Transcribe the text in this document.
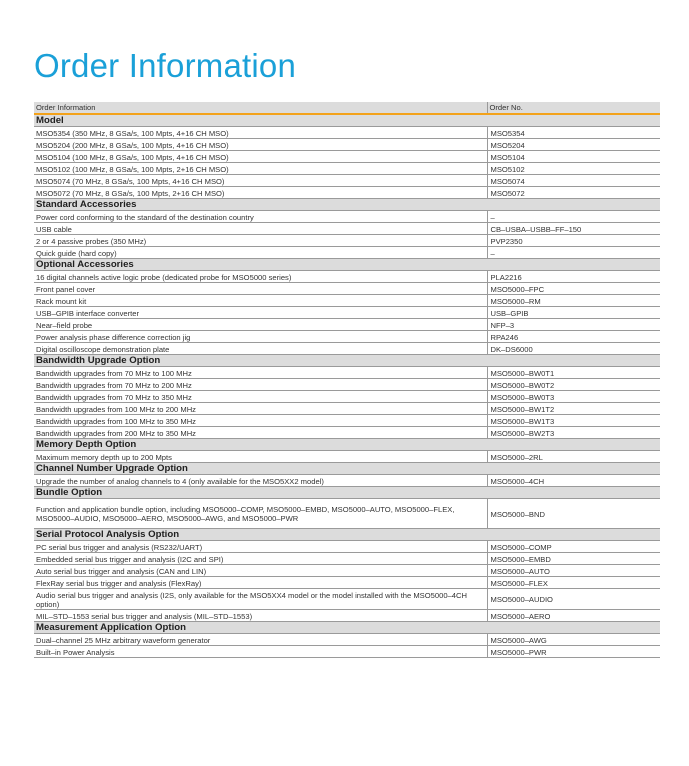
Order Information
Order Information	Order No.
Model	
MSO5354 (350 MHz, 8 GSa/s, 100 Mpts, 4+16 CH MSO)	MSO5354
MSO5204 (200 MHz, 8 GSa/s, 100 Mpts, 4+16 CH MSO)	MSO5204
MSO5104 (100 MHz, 8 GSa/s, 100 Mpts, 4+16 CH MSO)	MSO5104
MSO5102 (100 MHz, 8 GSa/s, 100 Mpts, 2+16 CH MSO)	MSO5102
MSO5074 (70 MHz, 8 GSa/s, 100 Mpts, 4+16 CH MSO)	MSO5074
MSO5072 (70 MHz, 8 GSa/s, 100 Mpts, 2+16 CH MSO)	MSO5072
Standard Accessories	
Power cord conforming to the standard of the destination country	–
USB cable	CB–USBA–USBB–FF–150
2 or 4 passive probes (350 MHz)	PVP2350
Quick guide (hard copy)	–
Optional Accessories	
16 digital channels active logic probe (dedicated probe for MSO5000 series)	PLA2216
Front panel cover	MSO5000–FPC
Rack mount kit	MSO5000–RM
USB–GPIB interface converter	USB–GPIB
Near–field probe	NFP–3
Power analysis phase difference correction jig	RPA246
Digital oscilloscope demonstration plate	DK–DS6000
Bandwidth Upgrade Option	
Bandwidth upgrades from 70 MHz to 100 MHz	MSO5000–BW0T1
Bandwidth upgrades from 70 MHz to 200 MHz	MSO5000–BW0T2
Bandwidth upgrades from 70 MHz to 350 MHz	MSO5000–BW0T3
Bandwidth upgrades from 100 MHz to 200 MHz	MSO5000–BW1T2
Bandwidth upgrades from 100 MHz to 350 MHz	MSO5000–BW1T3
Bandwidth upgrades from 200 MHz to 350 MHz	MSO5000–BW2T3
Memory Depth Option	
Maximum memory depth up to 200 Mpts	MSO5000–2RL
Channel Number Upgrade Option	
Upgrade the number of analog channels to 4 (only available for the MSO5XX2 model)	MSO5000–4CH
Bundle Option	
Function and application bundle option, including MSO5000–COMP, MSO5000–EMBD, MSO5000–AUTO, MSO5000–FLEX, MSO5000–AUDIO, MSO5000–AERO, MSO5000–AWG, and MSO5000–PWR	MSO5000–BND
Serial Protocol Analysis Option	
PC serial bus trigger and analysis (RS232/UART)	MSO5000–COMP
Embedded serial bus trigger and analysis (I2C and SPI)	MSO5000–EMBD
Auto serial bus trigger and analysis (CAN and LIN)	MSO5000–AUTO
FlexRay serial bus trigger and analysis (FlexRay)	MSO5000–FLEX
Audio serial bus trigger and analysis (I2S, only available for the MSO5XX4 model or the model installed with the MSO5000–4CH option)	MSO5000–AUDIO
MIL–STD–1553 serial bus trigger and analysis (MIL–STD–1553)	MSO5000–AERO
Measurement Application Option	
Dual–channel 25 MHz arbitrary waveform generator	MSO5000–AWG
Built–in Power Analysis	MSO5000–PWR
